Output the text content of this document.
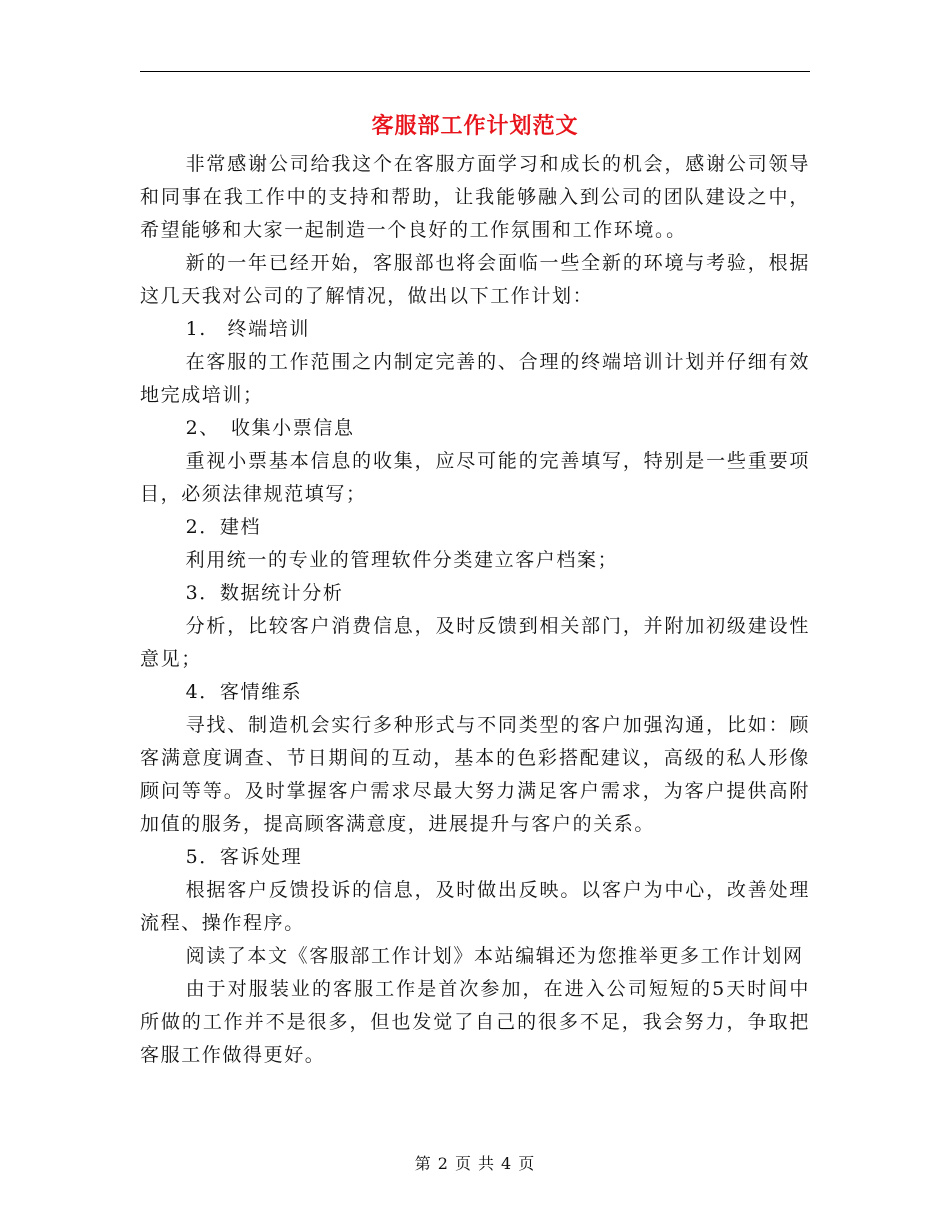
客服部工作计划范文

非常感谢公司给我这个在客服方面学习和成长的机会，感谢公司领导和同事在我工作中的支持和帮助，让我能够融入到公司的团队建设之中，希望能够和大家一起制造一个良好的工作氛围和工作环境。。

新的一年已经开始，客服部也将会面临一些全新的环境与考验，根据这几天我对公司的了解情况，做出以下工作计划：

1.　终端培训

在客服的工作范围之内制定完善的、合理的终端培训计划并仔细有效地完成培训；

2、　收集小票信息

重视小票基本信息的收集，应尽可能的完善填写，特别是一些重要项目，必须法律规范填写；

2．建档

利用统一的专业的管理软件分类建立客户档案；

3．数据统计分析

分析，比较客户消费信息，及时反馈到相关部门，并附加初级建设性意见；

4．客情维系

寻找、制造机会实行多种形式与不同类型的客户加强沟通，比如：顾客满意度调查、节日期间的互动，基本的色彩搭配建议，高级的私人形像顾问等等。及时掌握客户需求尽最大努力满足客户需求，为客户提供高附加值的服务，提高顾客满意度，进展提升与客户的关系。

5．客诉处理

根据客户反馈投诉的信息，及时做出反映。以客户为中心，改善处理流程、操作程序。

阅读了本文《客服部工作计划》本站编辑还为您推举更多工作计划网

由于对服装业的客服工作是首次参加，在进入公司短短的5天时间中所做的工作并不是很多，但也发觉了自己的很多不足，我会努力，争取把客服工作做得更好。

第 2 页 共 4 页
